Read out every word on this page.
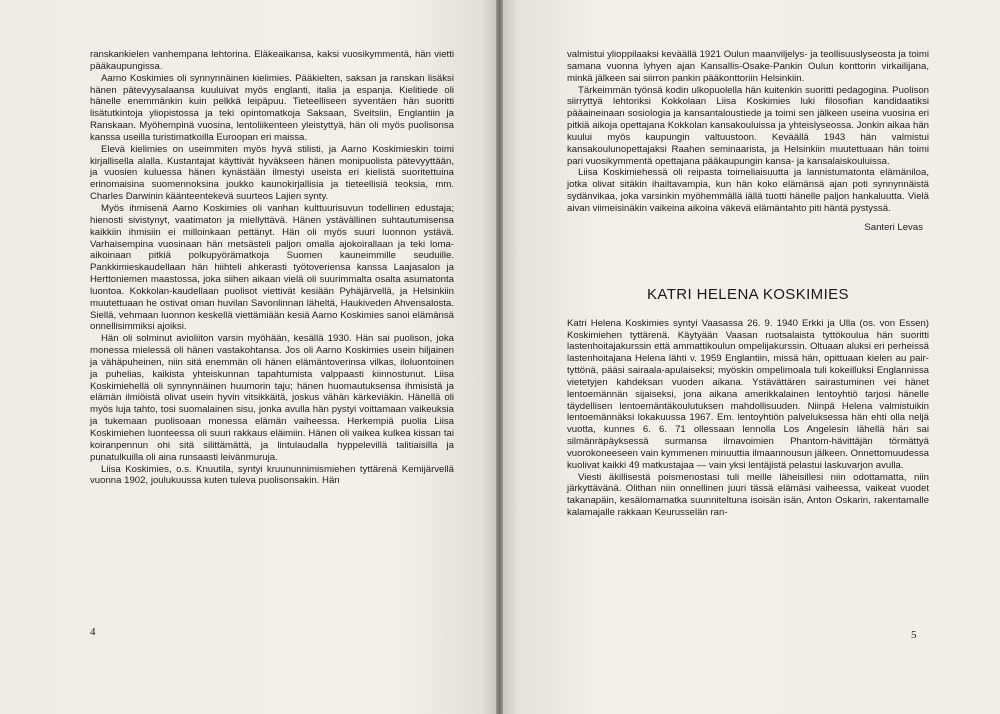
ranskankielen vanhempana lehtorina. Eläkeaikansa, kaksi vuosikymmentä, hän vietti pääkaupungissa.

Aarno Koskimies oli synnynnäinen kielimies. Pääkielten, saksan ja ranskan lisäksi hänen pätevyysalaansa kuuluivat myös englanti, italia ja espanja. Kielitiede oli hänelle enemmänkin kuin pelkkä leipäpuu. Tieteelliseen syventäen hän suoritti lisätutkintoja yliopistossa ja teki opintomatkoja Saksaan, Sveitsiin, Englantiin ja Ranskaan. Myöhempinä vuosina, lentoliikenteen yleistyttyä, hän oli myös puolisonsa kanssa useilla turistimatkoilla Euroopan eri maissa.

Elevä kielimies on useimmiten myös hyvä stilisti, ja Aarno Koskimieskin toimi kirjallisella alalla. Kustantajat käyttivät hyväkseen hänen monipuolista pätevyyttään, ja vuosien kuluessa hänen kynästään ilmestyi useista eri kielistä suoritettuina erinomaisina suomennoksina joukko kaunokirjallisia ja tieteellisiä teoksia, mm. Charles Darwinin käänteentekevä suurteos Lajien synty.

Myös ihmisenä Aarno Koskimies oli vanhan kulttuurisuvun todellinen edustaja; hienosti sivistynyt, vaatimaton ja miellyttävä. Hänen ystävällinen suhtautumisensa kaikkiin ihmisiin ei milloinkaan pettänyt. Hän oli myös suuri luonnon ystävä. Varhaisempina vuosinaan hän metsästeli paljon omalla ajokoirallaan ja teki loma-aikoinaan pitkiä polkupyörämatkoja Suomen kauneimmille seuduille. Pankkimieskaudellaan hän hiihteli ahkerasti työtoveriensa kanssa Laajasalon ja Herttoniemen maastossa, joka siihen aikaan vielä oli suurimmalta osalta asumatonta luontoa. Kokkolan-kaudellaan puolisot viettivät kesiään Pyhäjärvellä, ja Helsinkiin muutettuaan he ostivat oman huvilan Savonlinnan läheltä, Haukiveden Ahvensalosta. Siellä, vehmaan luonnon keskellä viettämiään kesiä Aarno Koskimies sanoi elämänsä onnellisimmiksi ajoiksi.

Hän oli solminut avioliiton varsin myöhään, kesällä 1930. Hän sai puolison, joka monessa mielessä oli hänen vastakohtansa. Jos oli Aarno Koskimies usein hiljainen ja vähäpuheinen, niin sitä enemmän oli hänen elämäntoverinsa vilkas, iloluontoinen ja puhelias, kaikista yhteiskunnan tapahtumista valppaasti kiinnostunut. Liisa Koskimiehellä oli synnynnäinen huumorin taju; hänen huomautuksensa ihmisistä ja elämän ilmiöistä olivat usein hyvin vitsikkäitä, joskus vähän kärkeviäkin. Hänellä oli myös luja tahto, tosi suomalainen sisu, jonka avulla hän pystyi voittamaan vaikeuksia ja tukemaan puolisoaan monessa elämän vaiheessa. Herkempiä puolia Liisa Koskimiehen luonteessa oli suuri rakkaus eläimiin. Hänen oli vaikea kulkea kissan tai koiranpennun ohi sitä silittämättä, ja lintulaudalla hyppelevillä talitiaisilla ja punatulkuilla oli aina runsaasti leivänmuruja.

Liisa Koskimies, o.s. Knuutila, syntyi kruununnimismiehen tyttärenä Kemijärvellä vuonna 1902, joulukuussa kuten tuleva puolisonsakin. Hän

4

valmistui ylioppilaaksi keväällä 1921 Oulun maanviljelys- ja teollisuuslyseosta ja toimi samana vuonna lyhyen ajan Kansallis-Osake-Pankin Oulun konttorin virkailijana, minkä jälkeen sai siirron pankin pääkonttoriin Helsinkiin.

Tärkeimmän työnsä kodin ulkopuolella hän kuitenkin suoritti pedagogina. Puolison siirryttyä lehtoriksi Kokkolaan Liisa Koskimies luki filosofian kandidaatiksi pääaineinaan sosiologia ja kansantaloustiede ja toimi sen jälkeen useina vuosina eri pitkiä aikoja opettajana Kokkolan kansakouluissa ja yhteislyseossa. Jonkin aikaa hän kuului myös kaupungin valtuustoon. Keväällä 1943 hän valmistui kansakoulunopettajaksi Raahen seminaarista, ja Helsinkiin muutettuaan hän toimi pari vuosikymmentä opettajana pääkaupungin kansa- ja kansalaiskouluissa.

Liisa Koskimiehessä oli reipasta toimeliaisuutta ja lannistumatonta elämäniloa, jotka olivat sitäkin ihailtavampia, kun hän koko elämänsä ajan poti synnynnäistä sydänvikaa, joka varsinkin myöhemmällä iällä tuotti hänelle paljon hankaluutta. Vielä aivan viimeisinäkin vaikeina aikoina väkevä elämäntahto piti häntä pystyssä.

Santeri Levas
KATRI HELENA KOSKIMIES

Katri Helena Koskimies syntyi Vaasassa 26. 9. 1940 Erkki ja Ulla (os. von Essen) Koskimiehen tyttärenä. Käytyään Vaasan ruotsalaista tyttökoulua hän suoritti lastenhoitajakurssin että ammattikoulun ompelijakurssin. Oltuaan aluksi eri perheissä lastenhoitajana Helena lähti v. 1959 Englantiin, missä hän, opittuaan kielen au pair-tyttönä, pääsi sairaala-apulaiseksi; myöskin ompelimoala tuli kokeilluksi Englannissa vietetyjen kahdeksan vuoden aikana. Ystävättären sairastuminen vei hänet lentoemännän sijaiseksi, jona aikana amerikkalainen lentoyhtiö tarjosi hänelle täydellisen lentoemäntäkoulutuksen mahdollisuuden. Niinpä Helena valmistuikin lentoemännäksi lokakuussa 1967. Em. lentoyhtiön palveluksessa hän ehti olla neljä vuotta, kunnes 6. 6. 71 ollessaan lennolla Los Angelesin lähellä hän sai silmänräpäyksessä surmansa ilmavoimien Phantom-hävittäjän törmättyä vuorokoneeseen vain kymmenen minuuttia ilmaannousun jälkeen. Onnettomuudessa kuolivat kaikki 49 matkustajaa — vain yksi lentäjistä pelastui laskuvarjon avulla.

Viesti äkillisestä poismenostasi tuli meille läheisillesi niin odottamatta, niin järkyttävänä. Olithan niin onnellinen juuri tässä elämäsi vaiheessa, vaikeat vuodet takanapäin, kesälomamatka suunniteltuna isoisän isän, Anton Oskarin, rakentamalle kalamajalle rakkaan Keurusselän ran-

5
